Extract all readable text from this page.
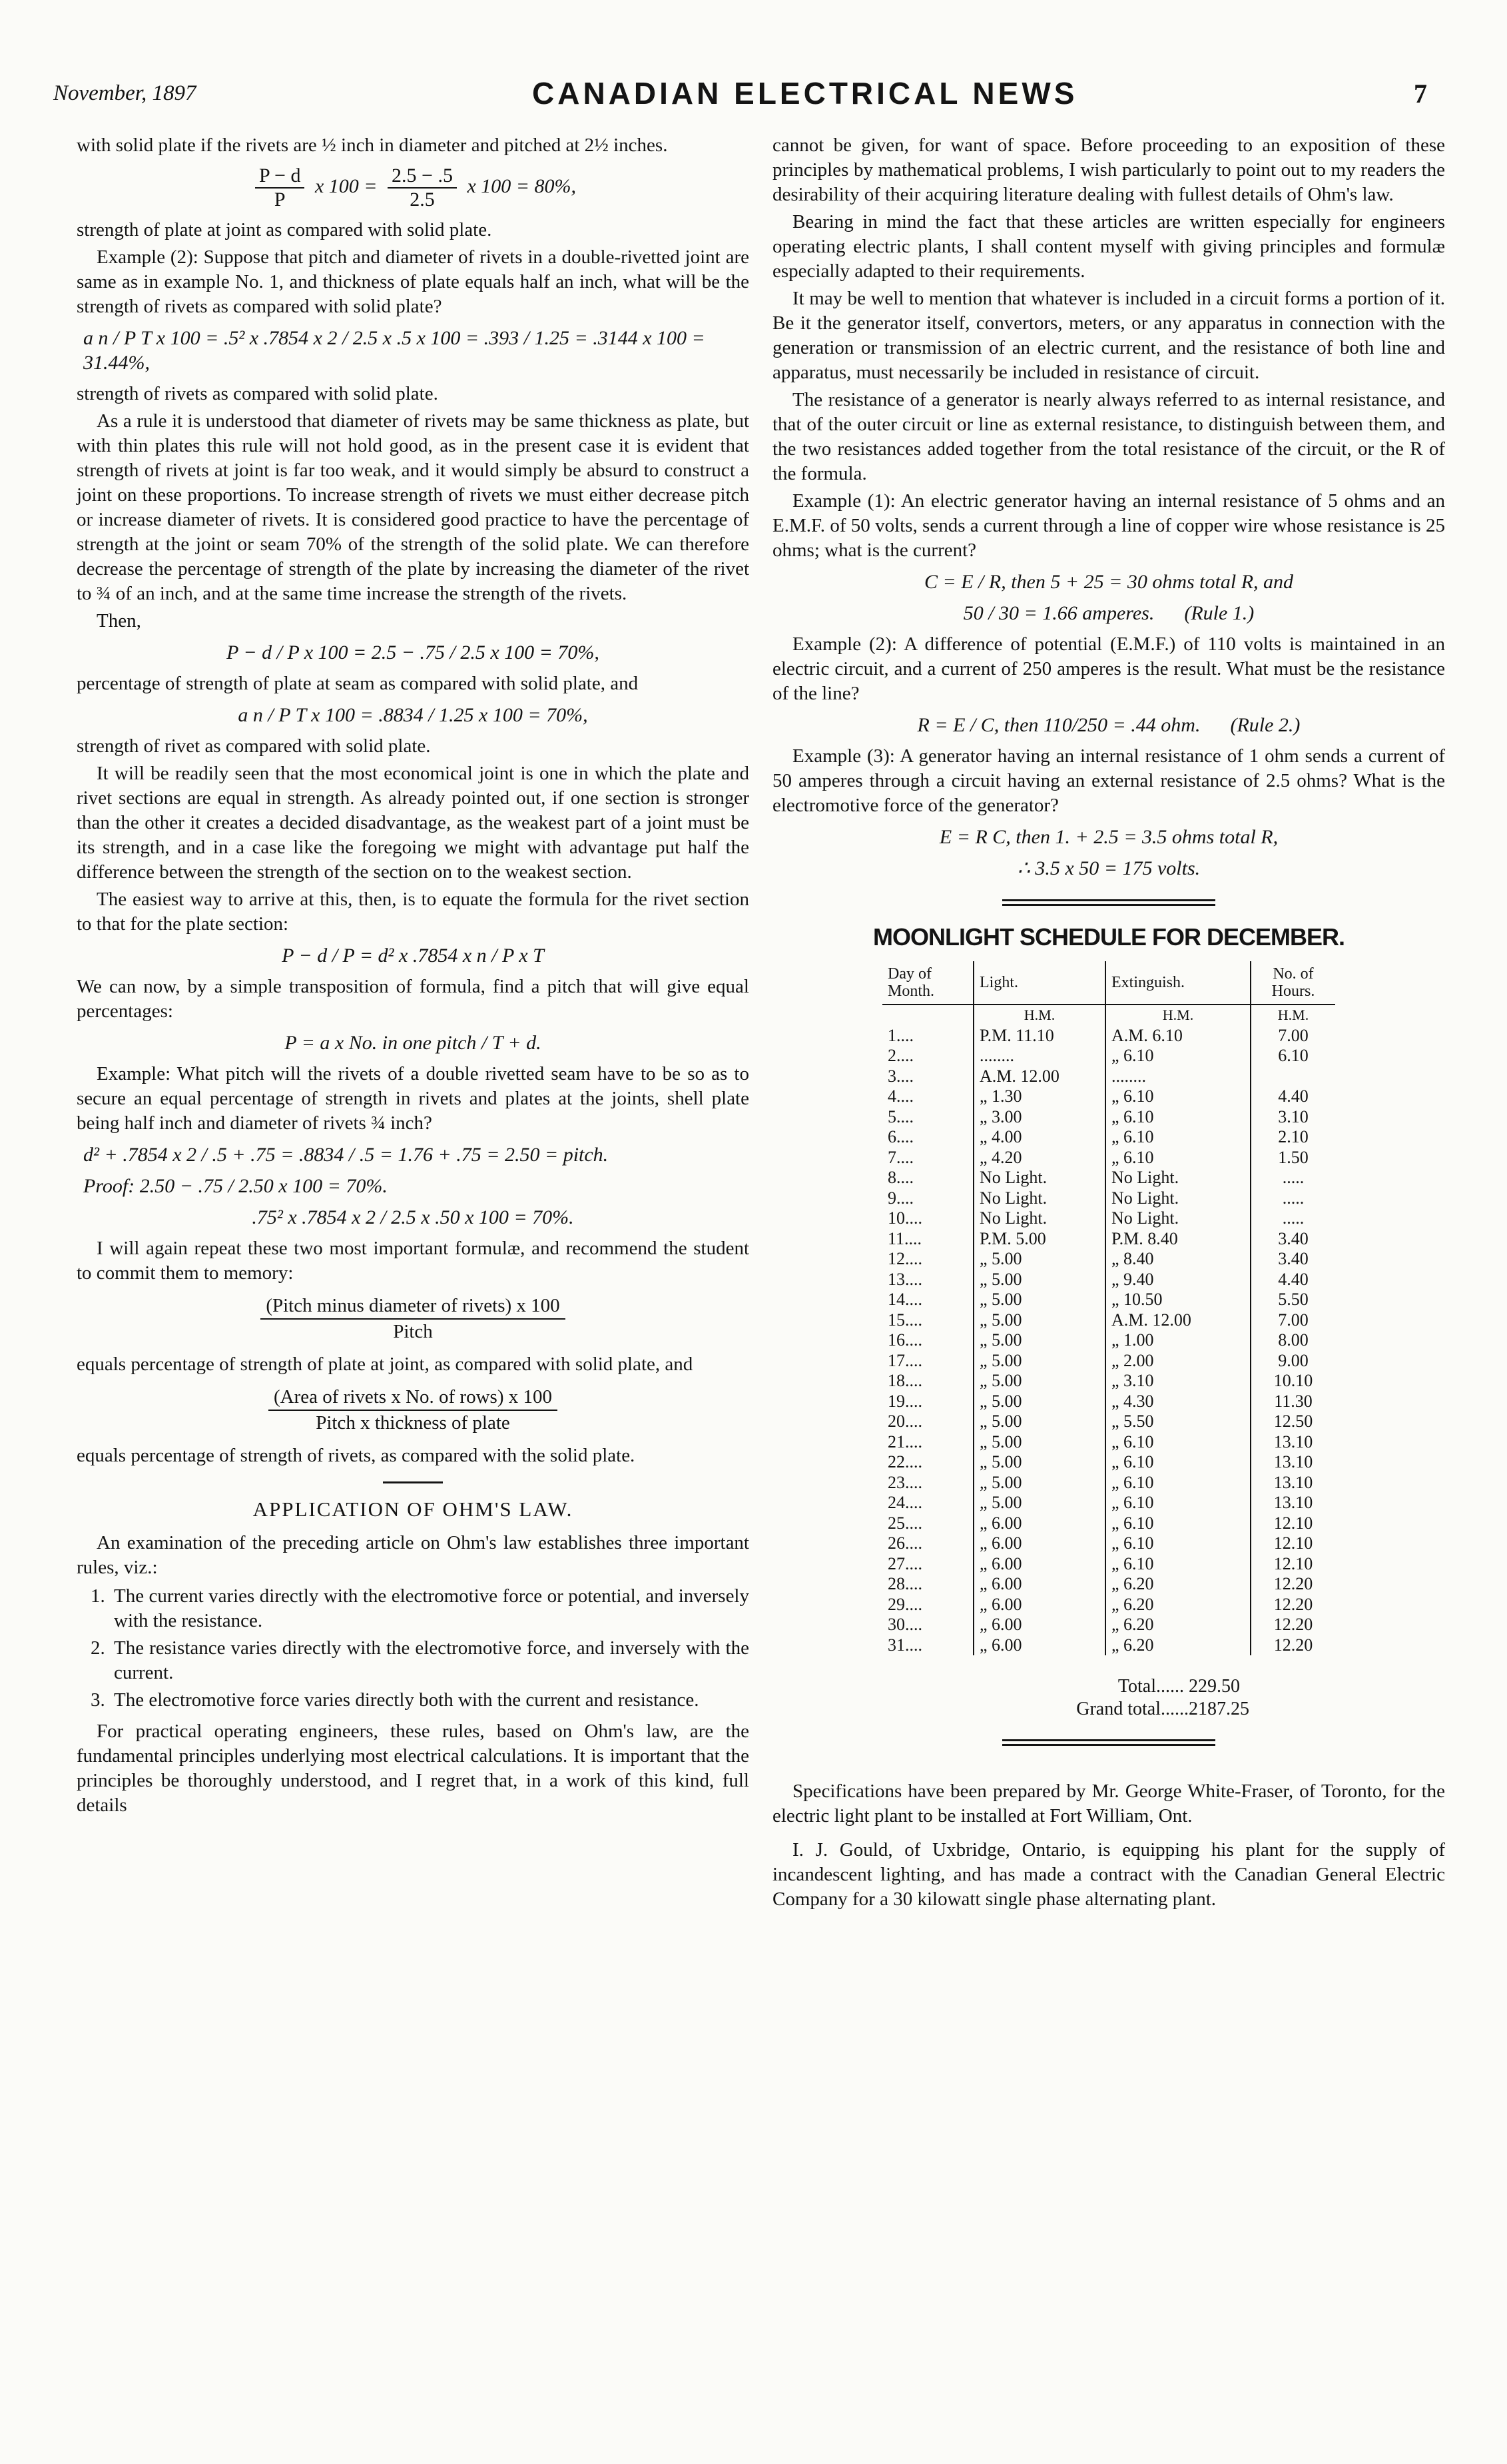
November, 1897	CANADIAN ELECTRICAL NEWS	7

with solid plate if the rivets are ½ inch in diameter and pitched at 2½ inches.

$\frac{P - d}{P}$ x $100 = \frac{2.5 - .5}{2.5}$ x 100 = 80%,

strength of plate at joint as compared with solid plate.

Example (2): Suppose that pitch and diameter of rivets in a double-rivetted joint are same as in example No. 1, and thickness of plate equals half an inch, what will be the strength of rivets as compared with solid plate?

a n / P T x 100 = .5² x .7854 x 2 / 2.5 x .5 x 100 = .393 / 1.25 = .3144 x 100 = 31.44%,

strength of rivets as compared with solid plate.

As a rule it is understood that diameter of rivets may be same thickness as plate, but with thin plates this rule will not hold good, as in the present case it is evident that strength of rivets at joint is far too weak, and it would simply be absurd to construct a joint on these proportions. To increase strength of rivets we must either decrease pitch or increase diameter of rivets. It is considered good practice to have the percentage of strength at the joint or seam 70% of the strength of the solid plate. We can therefore decrease the percentage of strength of the plate by increasing the diameter of the rivet to ¾ of an inch, and at the same time increase the strength of the rivets.

Then,

P − d / P x 100 = 2.5 − .75 / 2.5 x 100 = 70%,

percentage of strength of plate at seam as compared with solid plate, and

a n / P T x 100 = .8834 / 1.25 x 100 = 70%,

strength of rivet as compared with solid plate.

It will be readily seen that the most economical joint is one in which the plate and rivet sections are equal in strength. As already pointed out, if one section is stronger than the other it creates a decided disadvantage, as the weakest part of a joint must be its strength, and in a case like the foregoing we might with advantage put half the difference between the strength of the section on to the weakest section.

The easiest way to arrive at this, then, is to equate the formula for the rivet section to that for the plate section:

P − d / P = d² x .7854 x n / P x T

We can now, by a simple transposition of formula, find a pitch that will give equal percentages:

P = a x No. in one pitch / T + d.

Example: What pitch will the rivets of a double rivetted seam have to be so as to secure an equal percentage of strength in rivets and plates at the joints, shell plate being half inch and diameter of rivets ¾ inch?

d² + .7854 x 2 / .5 + .75 = .8834 / .5 = 1.76 + .75 = 2.50 = pitch.
Proof: 2.50 − .75 / 2.50 x 100 = 70%.
.75² x .7854 x 2 / 2.5 x .50 x 100 = 70%.

I will again repeat these two most important formulæ, and recommend the student to commit them to memory:

(Pitch minus diameter of rivets) x 100
Pitch

equals percentage of strength of plate at joint, as compared with solid plate, and

(Area of rivets x No. of rows) x 100
Pitch x thickness of plate

equals percentage of strength of rivets, as compared with the solid plate.

APPLICATION OF OHM'S LAW.

An examination of the preceding article on Ohm's law establishes three important rules, viz.:

1. The current varies directly with the electromotive force or potential, and inversely with the resistance.
2. The resistance varies directly with the electromotive force, and inversely with the current.
3. The electromotive force varies directly both with the current and resistance.

For practical operating engineers, these rules, based on Ohm's law, are the fundamental principles underlying most electrical calculations. It is important that the principles be thoroughly understood, and I regret that, in a work of this kind, full details

cannot be given, for want of space. Before proceeding to an exposition of these principles by mathematical problems, I wish particularly to point out to my readers the desirability of their acquiring literature dealing with fullest details of Ohm's law.

Bearing in mind the fact that these articles are written especially for engineers operating electric plants, I shall content myself with giving principles and formulæ especially adapted to their requirements.

It may be well to mention that whatever is included in a circuit forms a portion of it. Be it the generator itself, convertors, meters, or any apparatus in connection with the generation or transmission of an electric current, and the resistance of both line and apparatus, must necessarily be included in resistance of circuit.

The resistance of a generator is nearly always referred to as internal resistance, and that of the outer circuit or line as external resistance, to distinguish between them, and the two resistances added together from the total resistance of the circuit, or the R of the formula.

Example (1): An electric generator having an internal resistance of 5 ohms and an E.M.F. of 50 volts, sends a current through a line of copper wire whose resistance is 25 ohms; what is the current?

C = E / R, then 5 + 25 = 30 ohms total R, and
50 / 30 = 1.66 amperes. (Rule 1.)

Example (2): A difference of potential (E.M.F.) of 110 volts is maintained in an electric circuit, and a current of 250 amperes is the result. What must be the resistance of the line?

R = E / C, then 110/250 = .44 ohm. (Rule 2.)

Example (3): A generator having an internal resistance of 1 ohm sends a current of 50 amperes through a circuit having an external resistance of 2.5 ohms? What is the electromotive force of the generator?

E = R C, then 1. + 2.5 = 3.5 ohms total R,
∴ 3.5 x 50 = 175 volts.
MOONLIGHT SCHEDULE FOR DECEMBER.
Day of Month.	Light.	Extinguish.	No. of Hours.
	H.M.	H.M.	H.M.
1....	P.M. 11.10	A.M. 6.10	7.00
2....	........	„ 6.10	6.10
3....	A.M. 12.00	........	
4....	„ 1.30	„ 6.10	4.40
5....	„ 3.00	„ 6.10	3.10
6....	„ 4.00	„ 6.10	2.10
7....	„ 4.20	„ 6.10	1.50
8....	No Light.	No Light.	.....
9....	No Light.	No Light.	.....
10....	No Light.	No Light.	.....
11....	P.M. 5.00	P.M. 8.40	3.40
12....	„ 5.00	„ 8.40	3.40
13....	„ 5.00	„ 9.40	4.40
14....	„ 5.00	„ 10.50	5.50
15....	„ 5.00	A.M. 12.00	7.00
16....	„ 5.00	„ 1.00	8.00
17....	„ 5.00	„ 2.00	9.00
18....	„ 5.00	„ 3.10	10.10
19....	„ 5.00	„ 4.30	11.30
20....	„ 5.00	„ 5.50	12.50
21....	„ 5.00	„ 6.10	13.10
22....	„ 5.00	„ 6.10	13.10
23....	„ 5.00	„ 6.10	13.10
24....	„ 5.00	„ 6.10	13.10
25....	„ 6.00	„ 6.10	12.10
26....	„ 6.00	„ 6.10	12.10
27....	„ 6.00	„ 6.10	12.10
28....	„ 6.00	„ 6.20	12.20
29....	„ 6.00	„ 6.20	12.20
30....	„ 6.00	„ 6.20	12.20
31....	„ 6.00	„ 6.20	12.20
Total...... 229.50
Grand total......2187.25

Specifications have been prepared by Mr. George White-Fraser, of Toronto, for the electric light plant to be installed at Fort William, Ont.

I. J. Gould, of Uxbridge, Ontario, is equipping his plant for the supply of incandescent lighting, and has made a contract with the Canadian General Electric Company for a 30 kilowatt single phase alternating plant.
